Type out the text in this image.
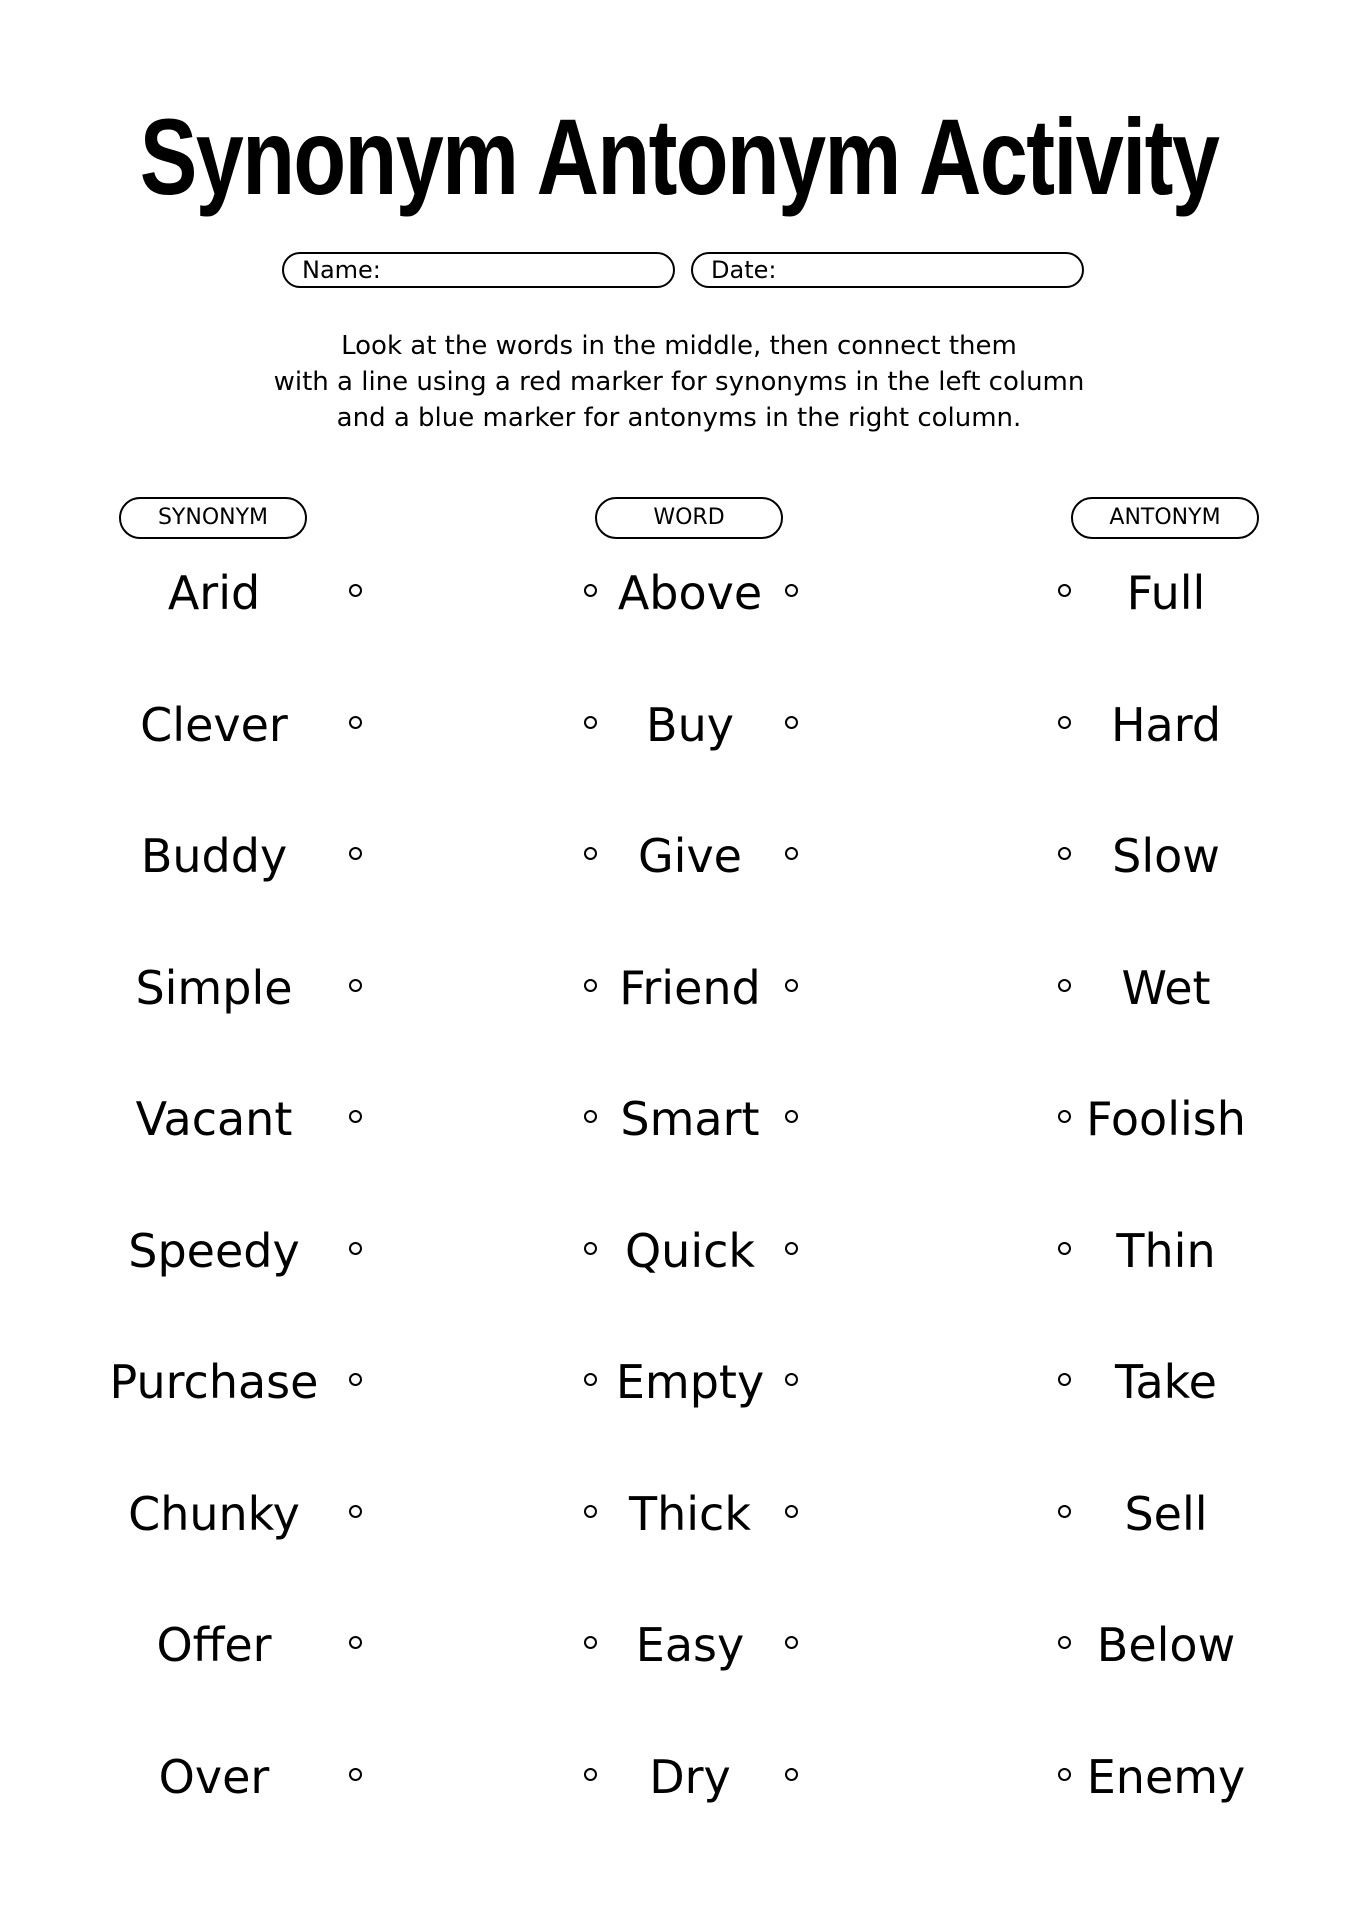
Synonym Antonym Activity
Name:	Date:
Look at the words in the middle, then connect them
with a line using a red marker for synonyms in the left column
and a blue marker for antonyms in the right column.
SYNONYM	WORD	ANTONYM
Arid	Above	Full
Clever	Buy	Hard
Buddy	Give	Slow
Simple	Friend	Wet
Vacant	Smart	Foolish
Speedy	Quick	Thin
Purchase	Empty	Take
Chunky	Thick	Sell
Offer	Easy	Below
Over	Dry	Enemy
